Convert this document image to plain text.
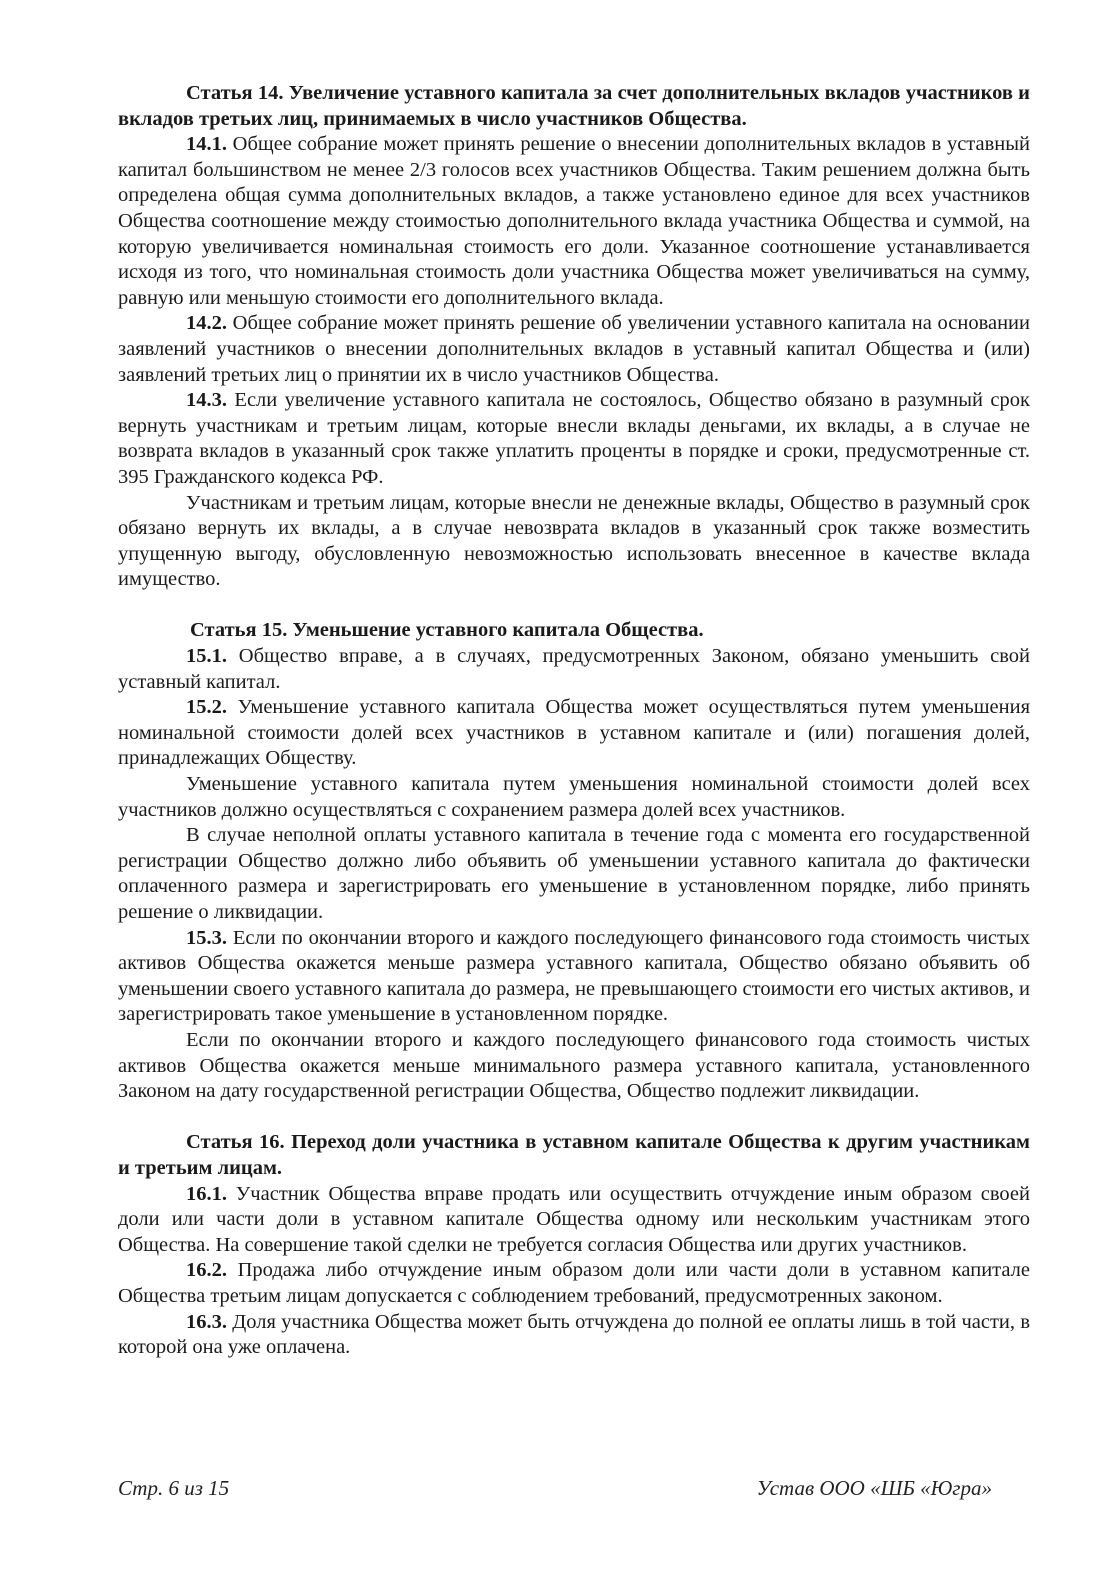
Статья 14. Увеличение уставного капитала за счет дополнительных вкладов участников и вкладов третьих лиц, принимаемых в число участников Общества.

14.1. Общее собрание может принять решение о внесении дополнительных вкладов в уставный капитал большинством не менее 2/3 голосов всех участников Общества. Таким решением должна быть определена общая сумма дополнительных вкладов, а также установлено единое для всех участников Общества соотношение между стоимостью дополнительного вклада участника Общества и суммой, на которую увеличивается номинальная стоимость его доли. Указанное соотношение устанавливается исходя из того, что номинальная стоимость доли участника Общества может увеличиваться на сумму, равную или меньшую стоимости его дополнительного вклада.

14.2. Общее собрание может принять решение об увеличении уставного капитала на основании заявлений участников о внесении дополнительных вкладов в уставный капитал Общества и (или) заявлений третьих лиц о принятии их в число участников Общества.

14.3. Если увеличение уставного капитала не состоялось, Общество обязано в разумный срок вернуть участникам и третьим лицам, которые внесли вклады деньгами, их вклады, а в случае не возврата вкладов в указанный срок также уплатить проценты в порядке и сроки, предусмотренные ст. 395 Гражданского кодекса РФ.

Участникам и третьим лицам, которые внесли не денежные вклады, Общество в разумный срок обязано вернуть их вклады, а в случае невозврата вкладов в указанный срок также возместить упущенную выгоду, обусловленную невозможностью использовать внесенное в качестве вклада имущество.

Статья 15. Уменьшение уставного капитала Общества.

15.1. Общество вправе, а в случаях, предусмотренных Законом, обязано уменьшить свой уставный капитал.

15.2. Уменьшение уставного капитала Общества может осуществляться путем уменьшения номинальной стоимости долей всех участников в уставном капитале и (или) погашения долей, принадлежащих Обществу.

Уменьшение уставного капитала путем уменьшения номинальной стоимости долей всех участников должно осуществляться с сохранением размера долей всех участников.

В случае неполной оплаты уставного капитала в течение года с момента его государственной регистрации Общество должно либо объявить об уменьшении уставного капитала до фактически оплаченного размера и зарегистрировать его уменьшение в установленном порядке, либо принять решение о ликвидации.

15.3. Если по окончании второго и каждого последующего финансового года стоимость чистых активов Общества окажется меньше размера уставного капитала, Общество обязано объявить об уменьшении своего уставного капитала до размера, не превышающего стоимости его чистых активов, и зарегистрировать такое уменьшение в установленном порядке.

Если по окончании второго и каждого последующего финансового года стоимость чистых активов Общества окажется меньше минимального размера уставного капитала, установленного Законом на дату государственной регистрации Общества, Общество подлежит ликвидации.

Статья 16. Переход доли участника в уставном капитале Общества к другим участникам и третьим лицам.

16.1. Участник Общества вправе продать или осуществить отчуждение иным образом своей доли или части доли в уставном капитале Общества одному или нескольким участникам этого Общества. На совершение такой сделки не требуется согласия Общества или других участников.

16.2. Продажа либо отчуждение иным образом доли или части доли в уставном капитале Общества третьим лицам допускается с соблюдением требований, предусмотренных законом.

16.3. Доля участника Общества может быть отчуждена до полной ее оплаты лишь в той части, в которой она уже оплачена.

Стр. 6 из 15	Устав ООО «ШБ «Югра»
